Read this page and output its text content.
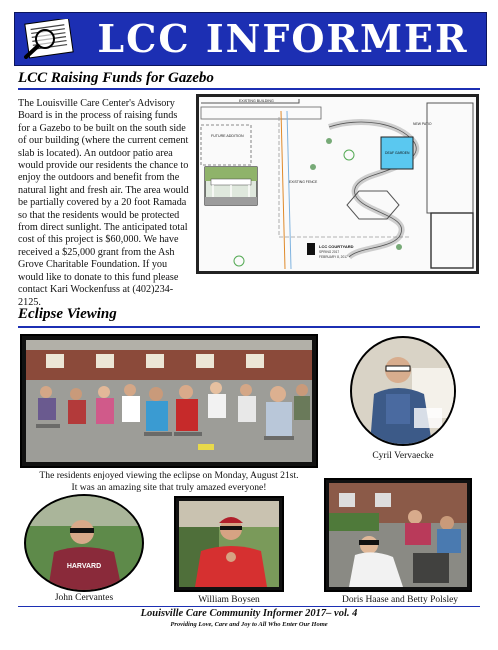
LCC INFORMER
LCC Raising Funds for Gazebo

The Louisville Care Center's Advisory Board is in the process of raising funds for a Gazebo to be built on the south side of our building (where the current cement slab is located). An outdoor patio area would provide our residents the chance to enjoy the outdoors and benefit from the natural light and fresh air. The area would be partially covered by a 20 foot Ramada so that the residents would be protected from direct sunlight. The anticipated total cost of this project is $60,000. We have received a $25,000 grant from the Ash Grove Charitable Foundation. If you would like to donate to this fund please contact Kari Wockenfuss at (402)234-2125.

EXISTING BUILDING
FUTURE ADDITION
EXISTING FENCE
DEAF GARDEN
NEW PATIO
LCC COURTYARD
SPRING 2017
FEBRUARY 8, 2017
Eclipse Viewing
The residents enjoyed viewing the eclipse on Monday, August 21st.
It was an amazing site that truly amazed everyone!
Cyril Vervaecke
HARVARD
John Cervantes	William Boysen	Doris Haase and Betty Polsley
Louisville Care Community Informer 2017– vol. 4
Providing Love, Care and Joy to All Who Enter Our Home
